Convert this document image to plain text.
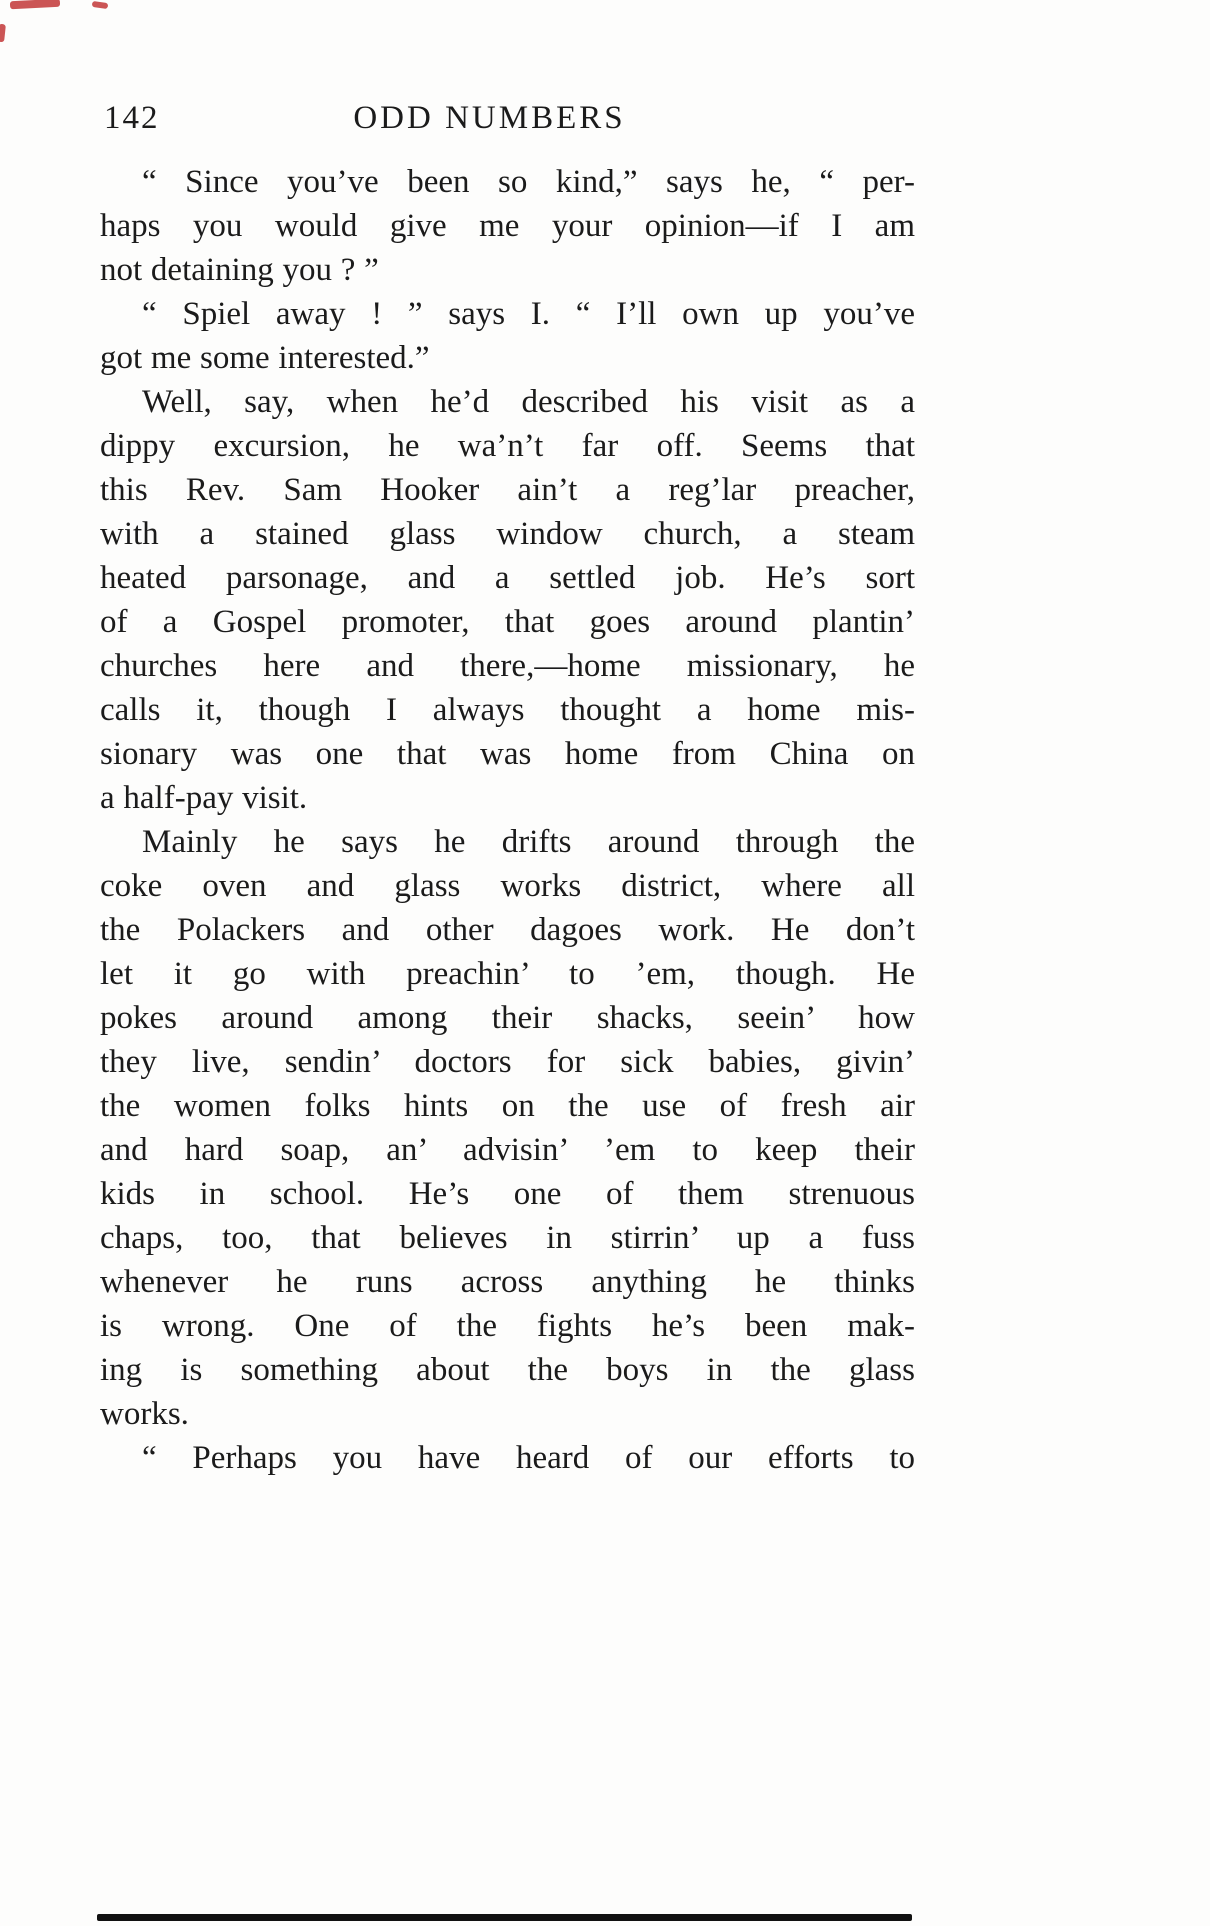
142	ODD NUMBERS

“ Since you’ve been so kind,” says he, “ per-
haps you would give me your opinion—if I am
not detaining you ? ”

“ Spiel away ! ” says I. “ I’ll own up you’ve
got me some interested.”

Well, say, when he’d described his visit as a
dippy excursion, he wa’n’t far off. Seems that
this Rev. Sam Hooker ain’t a reg’lar preacher,
with a stained glass window church, a steam
heated parsonage, and a settled job. He’s sort
of a Gospel promoter, that goes around plantin’
churches here and there,—home missionary, he
calls it, though I always thought a home mis-
sionary was one that was home from China on
a half-pay visit.

Mainly he says he drifts around through the
coke oven and glass works district, where all
the Polackers and other dagoes work. He don’t
let it go with preachin’ to ’em, though. He
pokes around among their shacks, seein’ how
they live, sendin’ doctors for sick babies, givin’
the women folks hints on the use of fresh air
and hard soap, an’ advisin’ ’em to keep their
kids in school. He’s one of them strenuous
chaps, too, that believes in stirrin’ up a fuss
whenever he runs across anything he thinks
is wrong. One of the fights he’s been mak-
ing is something about the boys in the glass
works.

“ Perhaps you have heard of our efforts to
